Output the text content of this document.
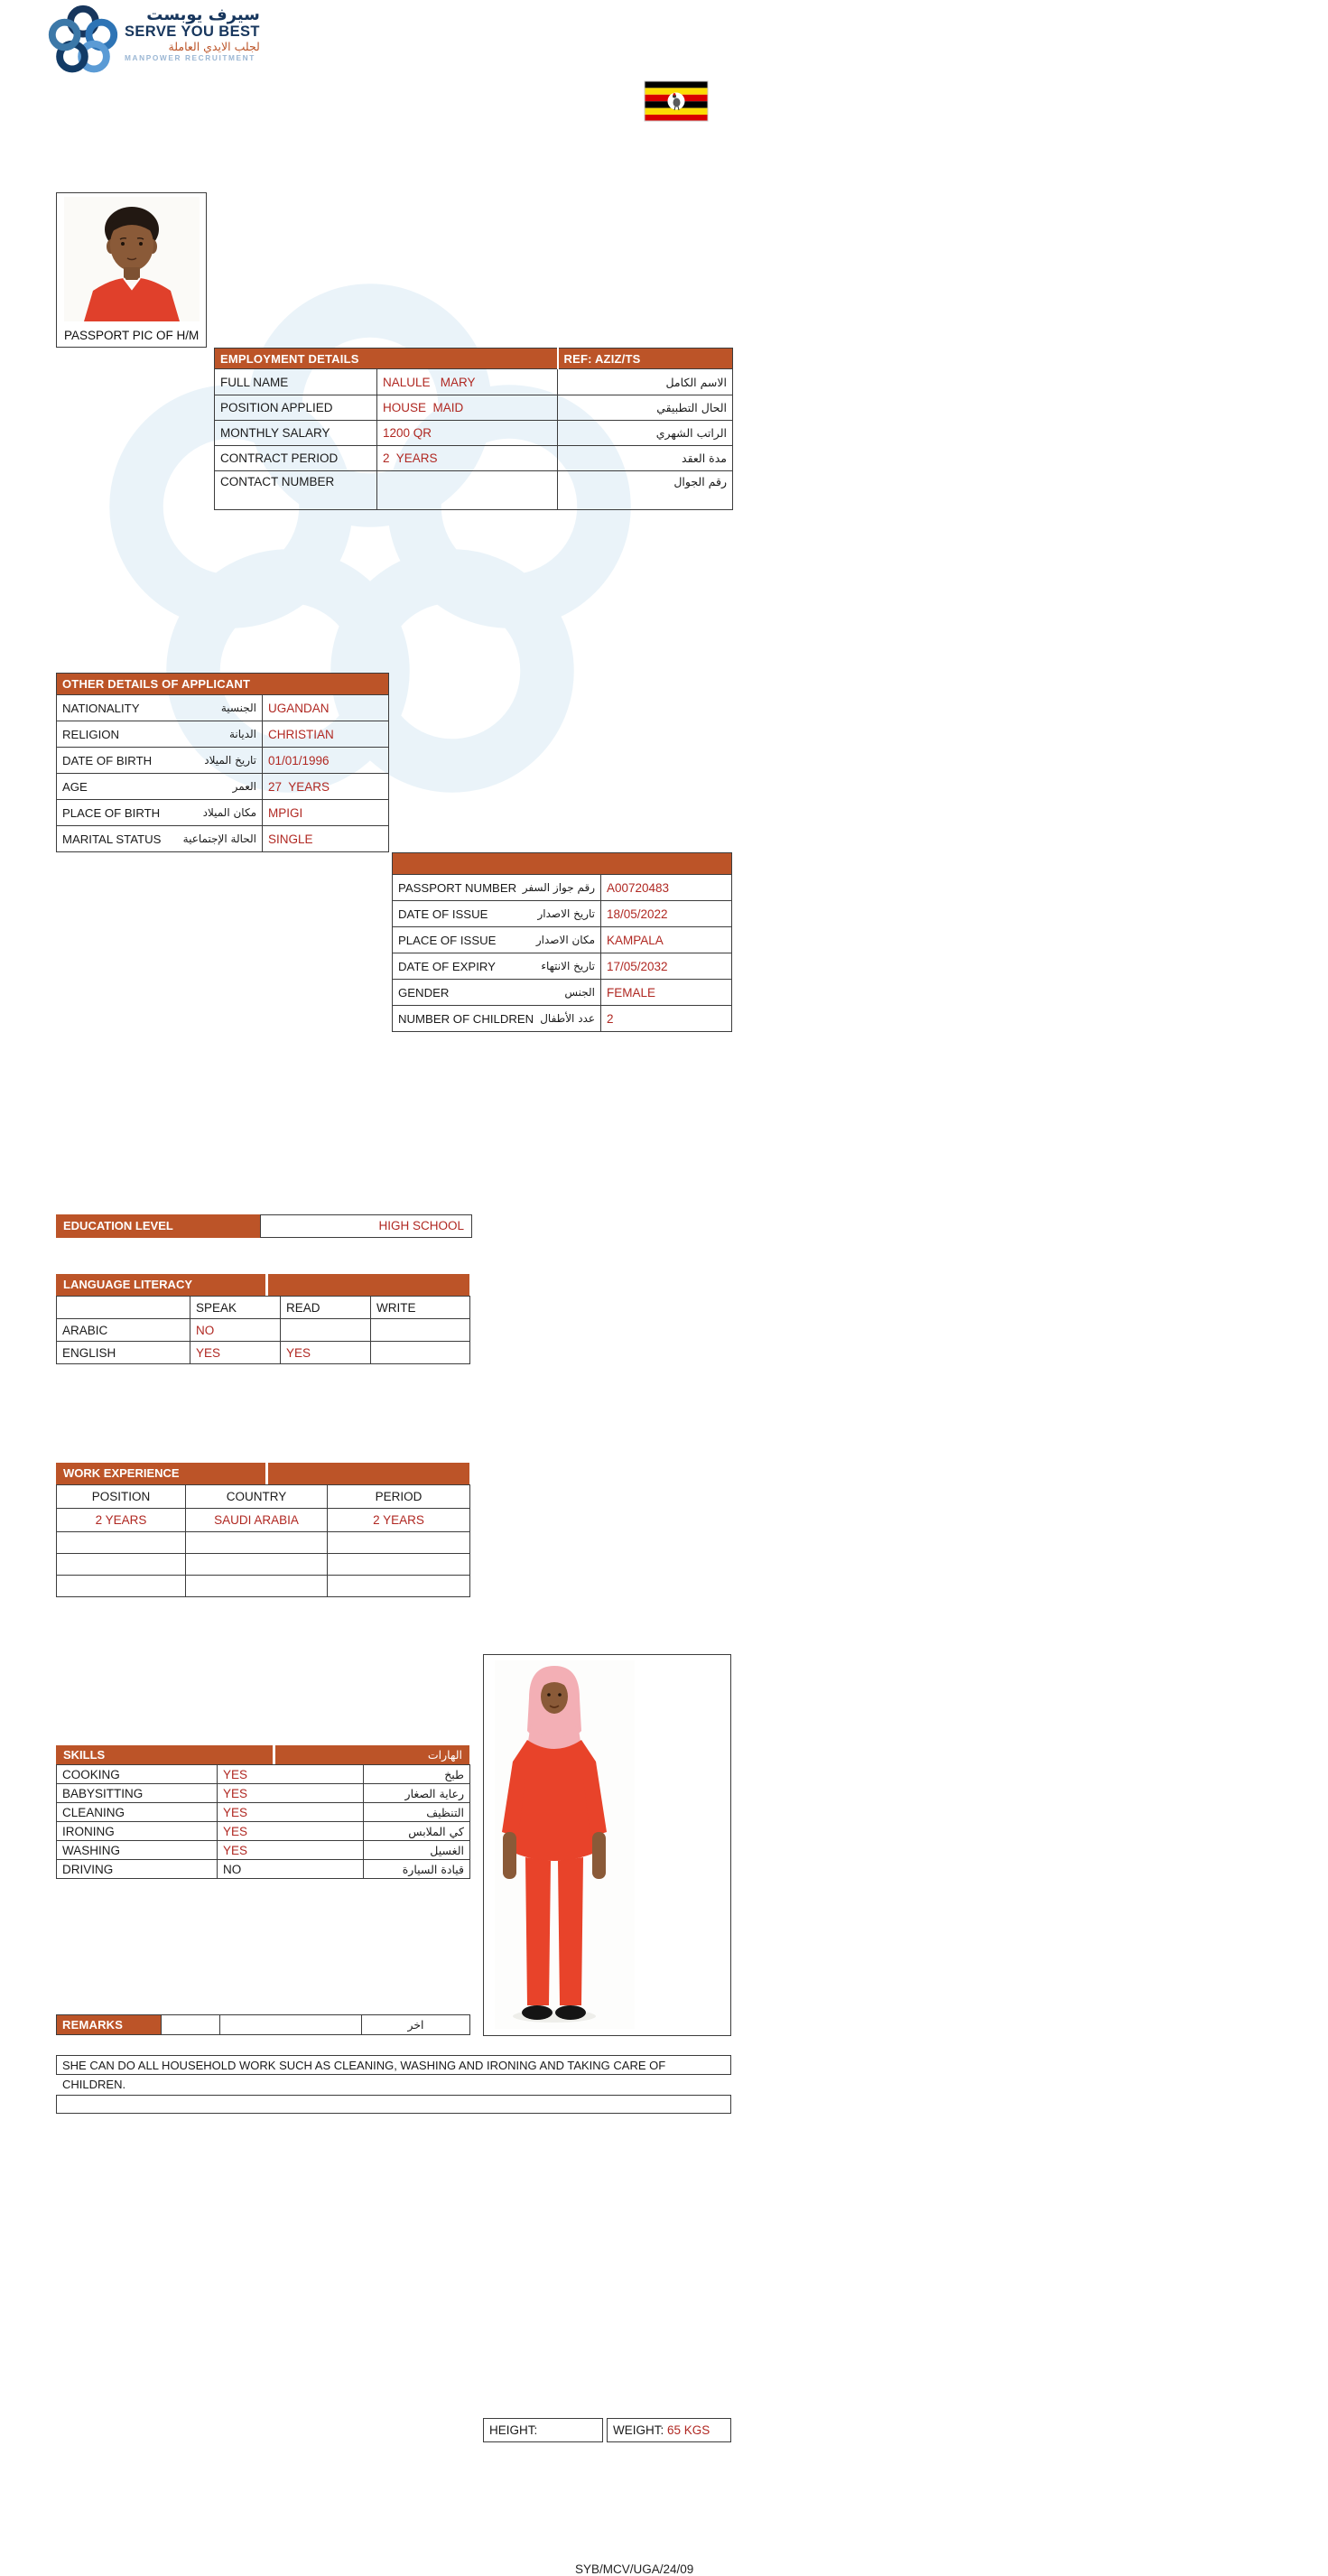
سيرف يوبست
SERVE YOU BEST
لجلب الايدي العاملة
MANPOWER RECRUITMENT
PASSPORT PIC OF H/M
EMPLOYMENT DETAILS		REF: AZIZ/TS
FULL NAME	NALULE   MARY	الاسم الكامل
POSITION APPLIED	HOUSE  MAID	الحال التطبيقي
MONTHLY SALARY	1200 QR	الراتب الشهري
CONTRACT PERIOD	2  YEARS	مدة العقد
CONTACT NUMBER		رقم الجوال
OTHER DETAILS OF APPLICANT	

NATIONALITY الجنسية	UGANDAN

RELIGION الديانة	CHRISTIAN

DATE OF BIRTH تاريخ الميلاد	01/01/1996

AGE العمر	27  YEARS

PLACE OF BIRTH مكان الميلاد	MPIGI

MARITAL STATUS الحالة الإجتماعية	SINGLE

PASSPORT NUMBER رقم جواز السفر	A00720483

DATE OF ISSUE تاريخ الاصدار	18/05/2022

PLACE OF ISSUE مكان الاصدار	KAMPALA

DATE OF EXPIRY تاريخ الانتهاء	17/05/2032

GENDER الجنس	FEMALE

NUMBER OF CHILDREN عدد الأطفال	2
EDUCATION LEVEL	HIGH SCHOOL
LANGUAGE LITERACY
	SPEAK	READ	WRITE
ARABIC	NO		
ENGLISH	YES	YES	
WORK EXPERIENCE
POSITION	COUNTRY	PERIOD
2 YEARS	SAUDI ARABIA	2 YEARS

SKILLS	الهارات
COOKING	YES	طبخ
BABYSITTING	YES	رعاية الصغار
CLEANING	YES	التنظيف
IRONING	YES	كي الملابس
WASHING	YES	الغسيل
DRIVING	NO	قيادة السيارة
REMARKS			اخر
SHE CAN DO ALL HOUSEHOLD WORK SUCH AS CLEANING, WASHING AND IRONING AND TAKING CARE OF CHILDREN.
HEIGHT:	WEIGHT: 65 KGS
SYB/MCV/UGA/24/09
